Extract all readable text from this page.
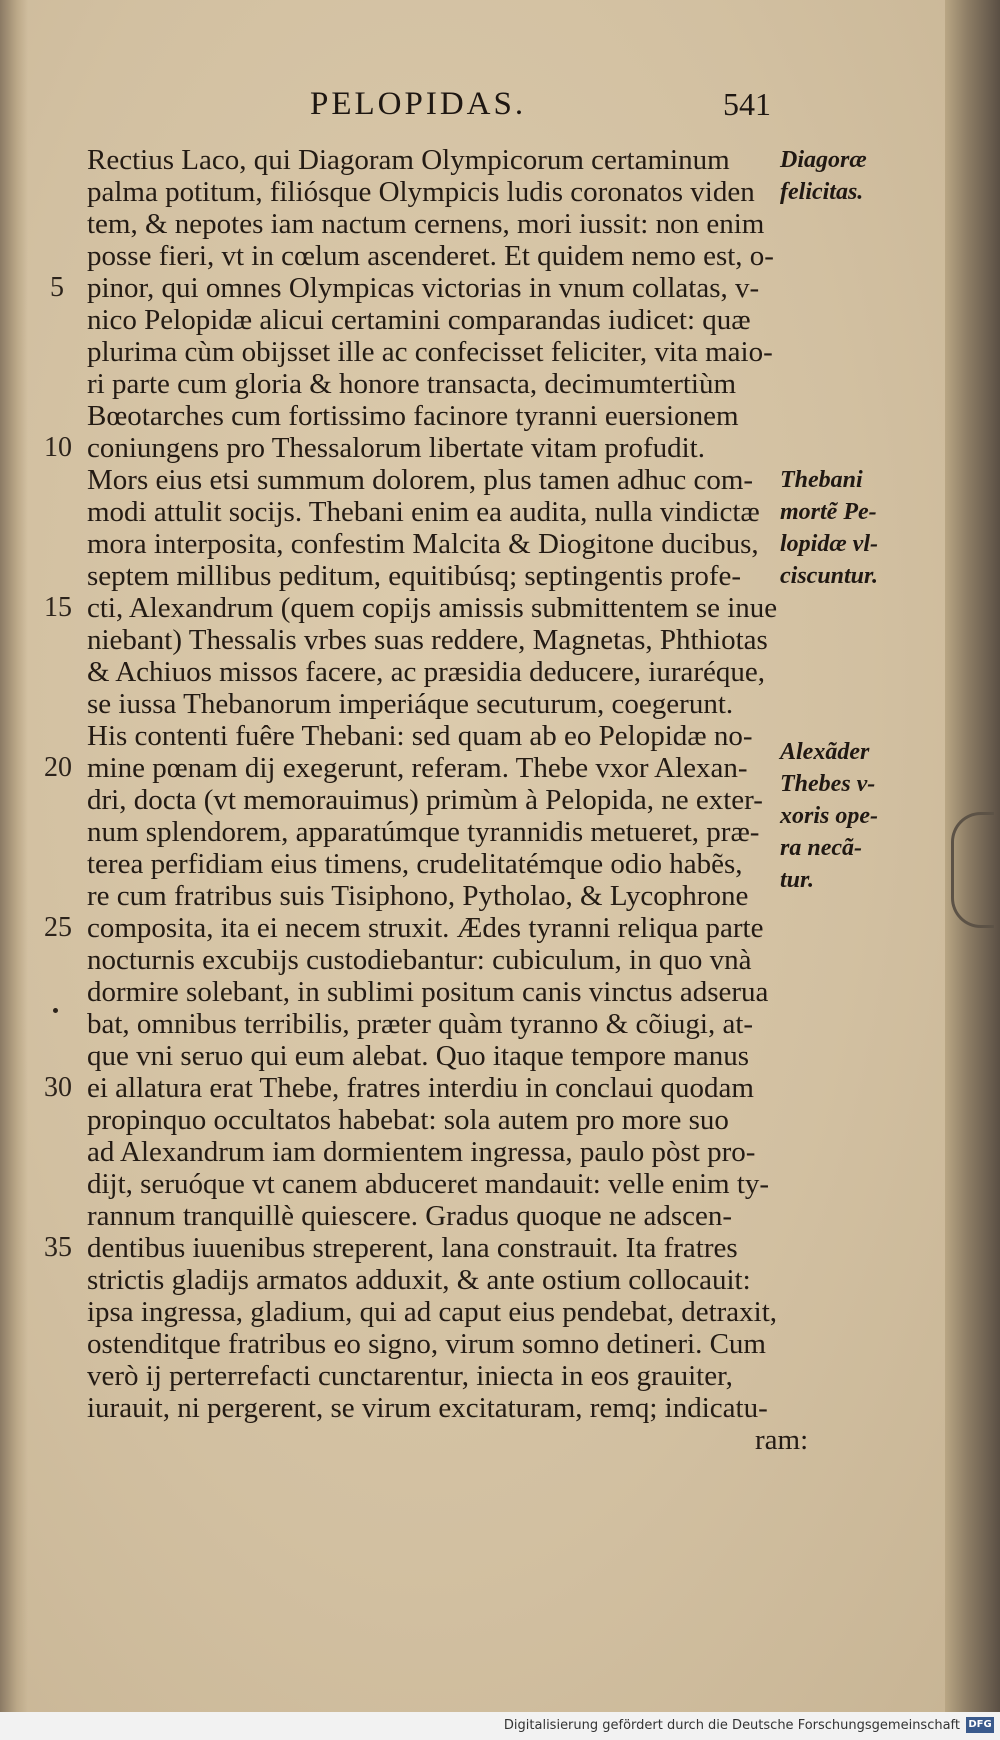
PELOPIDAS.	541
Rectius Laco, qui Diagoram Olympicorum certaminum
palma potitum, filiósque Olympicis ludis coronatos viden
tem, & nepotes iam nactum cernens, mori iussit: non enim
posse fieri, vt in cœlum ascenderet. Et quidem nemo est, o-
pinor, qui omnes Olympicas victorias in vnum collatas, v-
nico Pelopidæ alicui certamini comparandas iudicet: quæ
plurima cùm obijsset ille ac confecisset feliciter, vita maio-
ri parte cum gloria & honore transacta, decimumtertiùm
Bœotarches cum fortissimo facinore tyranni euersionem
coniungens pro Thessalorum libertate vitam profudit.
Mors eius etsi summum dolorem, plus tamen adhuc com-
modi attulit socijs. Thebani enim ea audita, nulla vindictæ
mora interposita, confestim Malcita & Diogitone ducibus,
septem millibus peditum, equitibúsq; septingentis profe-
cti, Alexandrum (quem copijs amissis submittentem se inue
niebant) Thessalis vrbes suas reddere, Magnetas, Phthiotas
& Achiuos missos facere, ac præsidia deducere, iuraréque,
se iussa Thebanorum imperiáque secuturum, coegerunt.
His contenti fuêre Thebani: sed quam ab eo Pelopidæ no-
mine pœnam dij exegerunt, referam. Thebe vxor Alexan-
dri, docta (vt memorauimus) primùm à Pelopida, ne exter-
num splendorem, apparatúmque tyrannidis metueret, præ-
terea perfidiam eius timens, crudelitatémque odio habẽs,
re cum fratribus suis Tisiphono, Pytholao, & Lycophrone
composita, ita ei necem struxit. Ædes tyranni reliqua parte
nocturnis excubijs custodiebantur: cubiculum, in quo vnà
dormire solebant, in sublimi positum canis vinctus adserua
bat, omnibus terribilis, præter quàm tyranno & cõiugi, at-
que vni seruo qui eum alebat. Quo itaque tempore manus
ei allatura erat Thebe, fratres interdiu in conclaui quodam
propinquo occultatos habebat: sola autem pro more suo
ad Alexandrum iam dormientem ingressa, paulo pòst pro-
dijt, seruóque vt canem abduceret mandauit: velle enim ty-
rannum tranquillè quiescere. Gradus quoque ne adscen-
dentibus iuuenibus streperent, lana constrauit. Ita fratres
strictis gladijs armatos adduxit, & ante ostium collocauit:
ipsa ingressa, gladium, qui ad caput eius pendebat, detraxit,
ostenditque fratribus eo signo, virum somno detineri. Cum
verò ij perterrefacti cunctarentur, iniecta in eos grauiter,
iurauit, ni pergerent, se virum excitaturam, remq; indicatu-
ram:
5
10
15
20
25
30
35
Diagoræ
felicitas.
Thebani
mortẽ Pe-
lopidæ vl-
ciscuntur.
Alexãder
Thebes v-
xoris ope-
ra necã-
tur.
Digitalisierung gefördert durch die Deutsche Forschungsgemeinschaft DFG
